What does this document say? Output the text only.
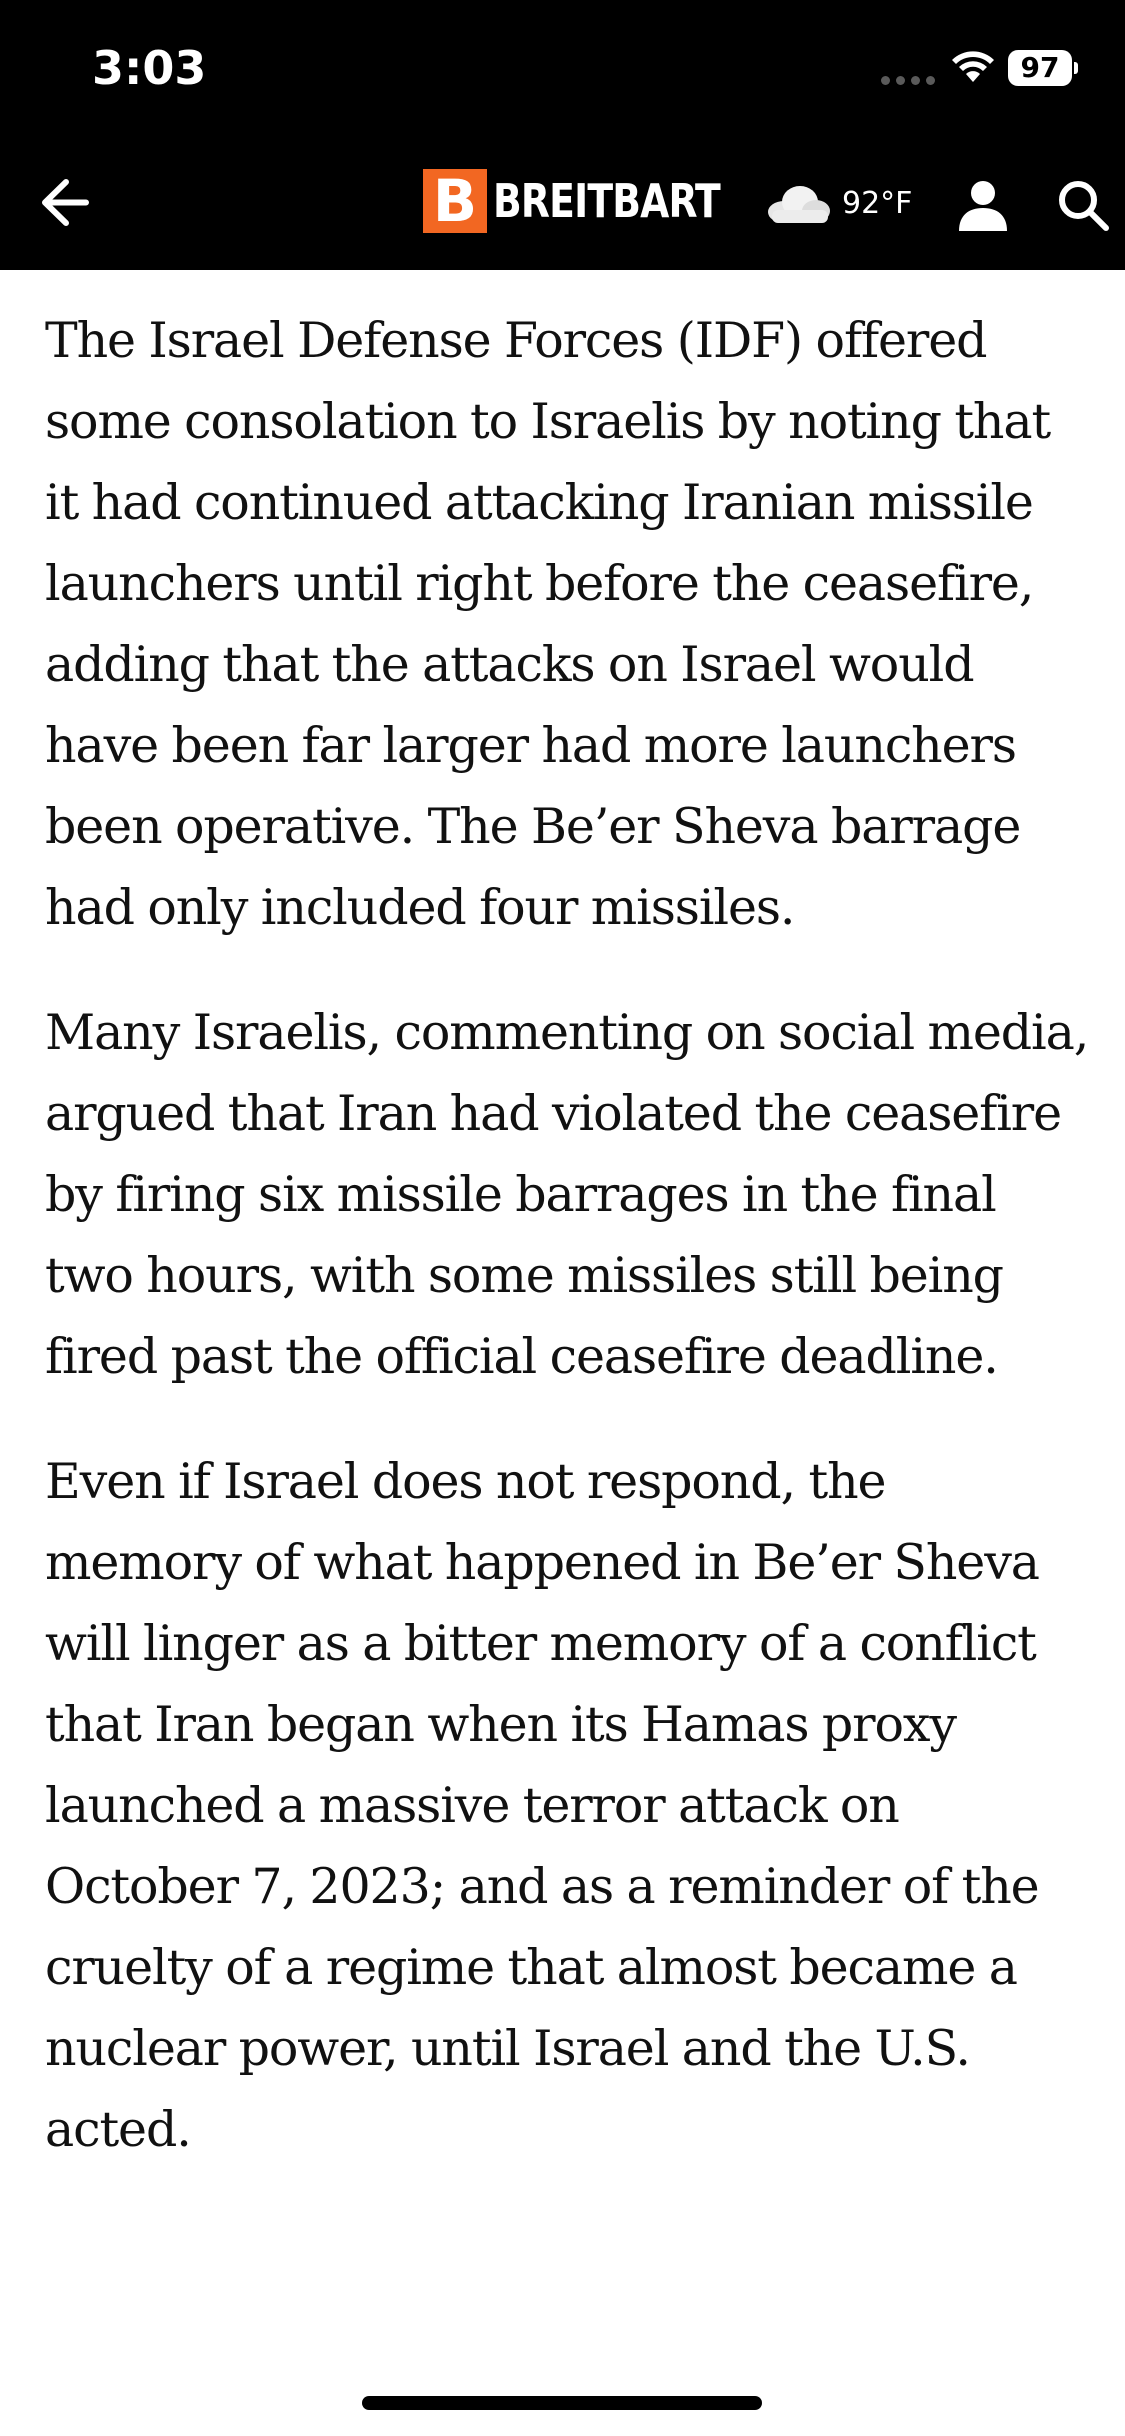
3:03	97
B BREITBART	92°F

The Israel Defense Forces (IDF) offered some consolation to Israelis by noting that it had continued attacking Iranian missile launchers until right before the ceasefire, adding that the attacks on Israel would have been far larger had more launchers been operative. The Be’er Sheva barrage had only included four missiles.

Many Israelis, commenting on social media, argued that Iran had violated the ceasefire by firing six missile barrages in the final two hours, with some missiles still being fired past the official ceasefire deadline.

Even if Israel does not respond, the memory of what happened in Be’er Sheva will linger as a bitter memory of a conflict that Iran began when its Hamas proxy launched a massive terror attack on October 7, 2023; and as a reminder of the cruelty of a regime that almost became a nuclear power, until Israel and the U.S. acted.
